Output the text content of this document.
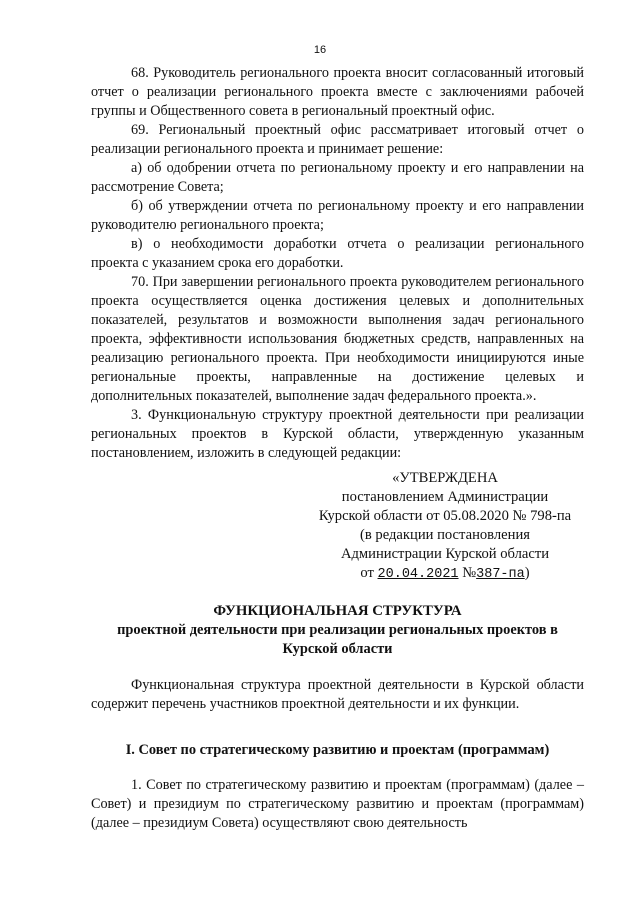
16

68. Руководитель регионального проекта вносит согласованный итоговый отчет о реализации регионального проекта вместе с заключениями рабочей группы и Общественного совета в региональный проектный офис.

69. Региональный проектный офис рассматривает итоговый отчет о реализации регионального проекта и принимает решение:

а) об одобрении отчета по региональному проекту и его направлении на рассмотрение Совета;

б) об утверждении отчета по региональному проекту и его направлении руководителю регионального проекта;

в) о необходимости доработки отчета о реализации регионального проекта с указанием срока его доработки.

70. При завершении регионального проекта руководителем регионального проекта осуществляется оценка достижения целевых и дополнительных показателей, результатов и возможности выполнения задач регионального проекта, эффективности использования бюджетных средств, направленных на реализацию регионального проекта. При необходимости инициируются иные региональные проекты, направленные на достижение целевых и дополнительных показателей, выполнение задач федерального проекта.».

3. Функциональную структуру проектной деятельности при реализации региональных проектов в Курской области, утвержденную указанным постановлением, изложить в следующей редакции:

«УТВЕРЖДЕНА
постановлением Администрации
Курской области от 05.08.2020 № 798-па
(в редакции постановления
Администрации Курской области
от 20.04.2021 №387-па)
ФУНКЦИОНАЛЬНАЯ СТРУКТУРА
проектной деятельности при реализации региональных проектов в Курской области

Функциональная структура проектной деятельности в Курской области содержит перечень участников проектной деятельности и их функции.

I. Совет по стратегическому развитию и проектам (программам)

1. Совет по стратегическому развитию и проектам (программам) (далее – Совет) и президиум по стратегическому развитию и проектам (программам) (далее – президиум Совета) осуществляют свою деятельность
